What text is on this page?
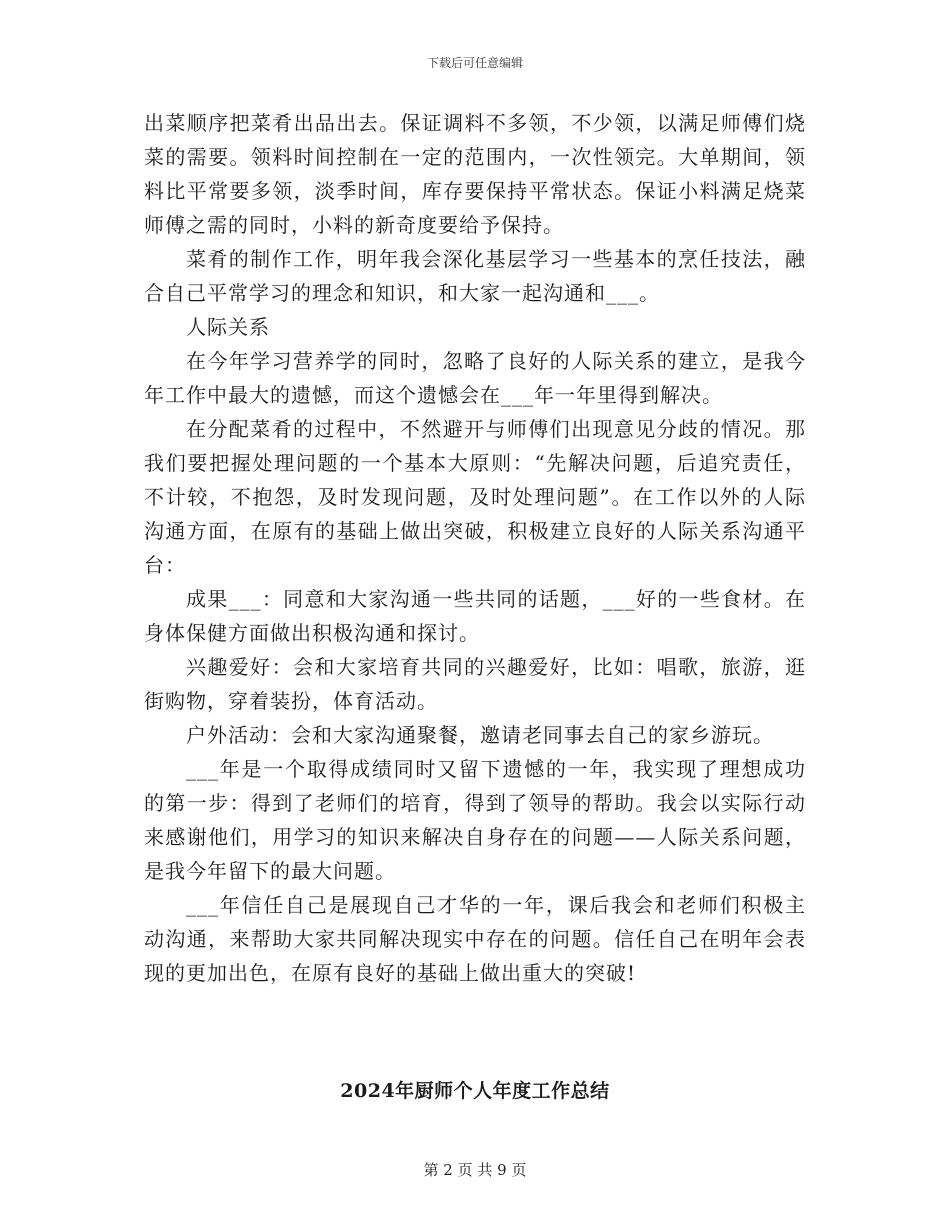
下载后可任意编辑

出菜顺序把菜肴出品出去。保证调料不多领，不少领，以满足师傅们烧菜的需要。领料时间控制在一定的范围内，一次性领完。大单期间，领料比平常要多领，淡季时间，库存要保持平常状态。保证小料满足烧菜师傅之需的同时，小料的新奇度要给予保持。

菜肴的制作工作，明年我会深化基层学习一些基本的烹任技法，融合自己平常学习的理念和知识，和大家一起沟通和___。

人际关系

在今年学习营养学的同时，忽略了良好的人际关系的建立，是我今年工作中最大的遗憾，而这个遗憾会在___年一年里得到解决。

在分配菜肴的过程中，不然避开与师傅们出现意见分歧的情况。那我们要把握处理问题的一个基本大原则：“先解决问题，后追究责任，不计较，不抱怨，及时发现问题，及时处理问题”。在工作以外的人际沟通方面，在原有的基础上做出突破，积极建立良好的人际关系沟通平台：

成果___：同意和大家沟通一些共同的话题，___好的一些食材。在身体保健方面做出积极沟通和探讨。

兴趣爱好：会和大家培育共同的兴趣爱好，比如：唱歌，旅游，逛街购物，穿着装扮，体育活动。

户外活动：会和大家沟通聚餐，邀请老同事去自己的家乡游玩。

___年是一个取得成绩同时又留下遗憾的一年，我实现了理想成功的第一步：得到了老师们的培育，得到了领导的帮助。我会以实际行动来感谢他们，用学习的知识来解决自身存在的问题——人际关系问题，是我今年留下的最大问题。

___年信任自己是展现自己才华的一年，课后我会和老师们积极主动沟通，来帮助大家共同解决现实中存在的问题。信任自己在明年会表现的更加出色，在原有良好的基础上做出重大的突破!

2024年厨师个人年度工作总结
第 2 页 共 9 页
